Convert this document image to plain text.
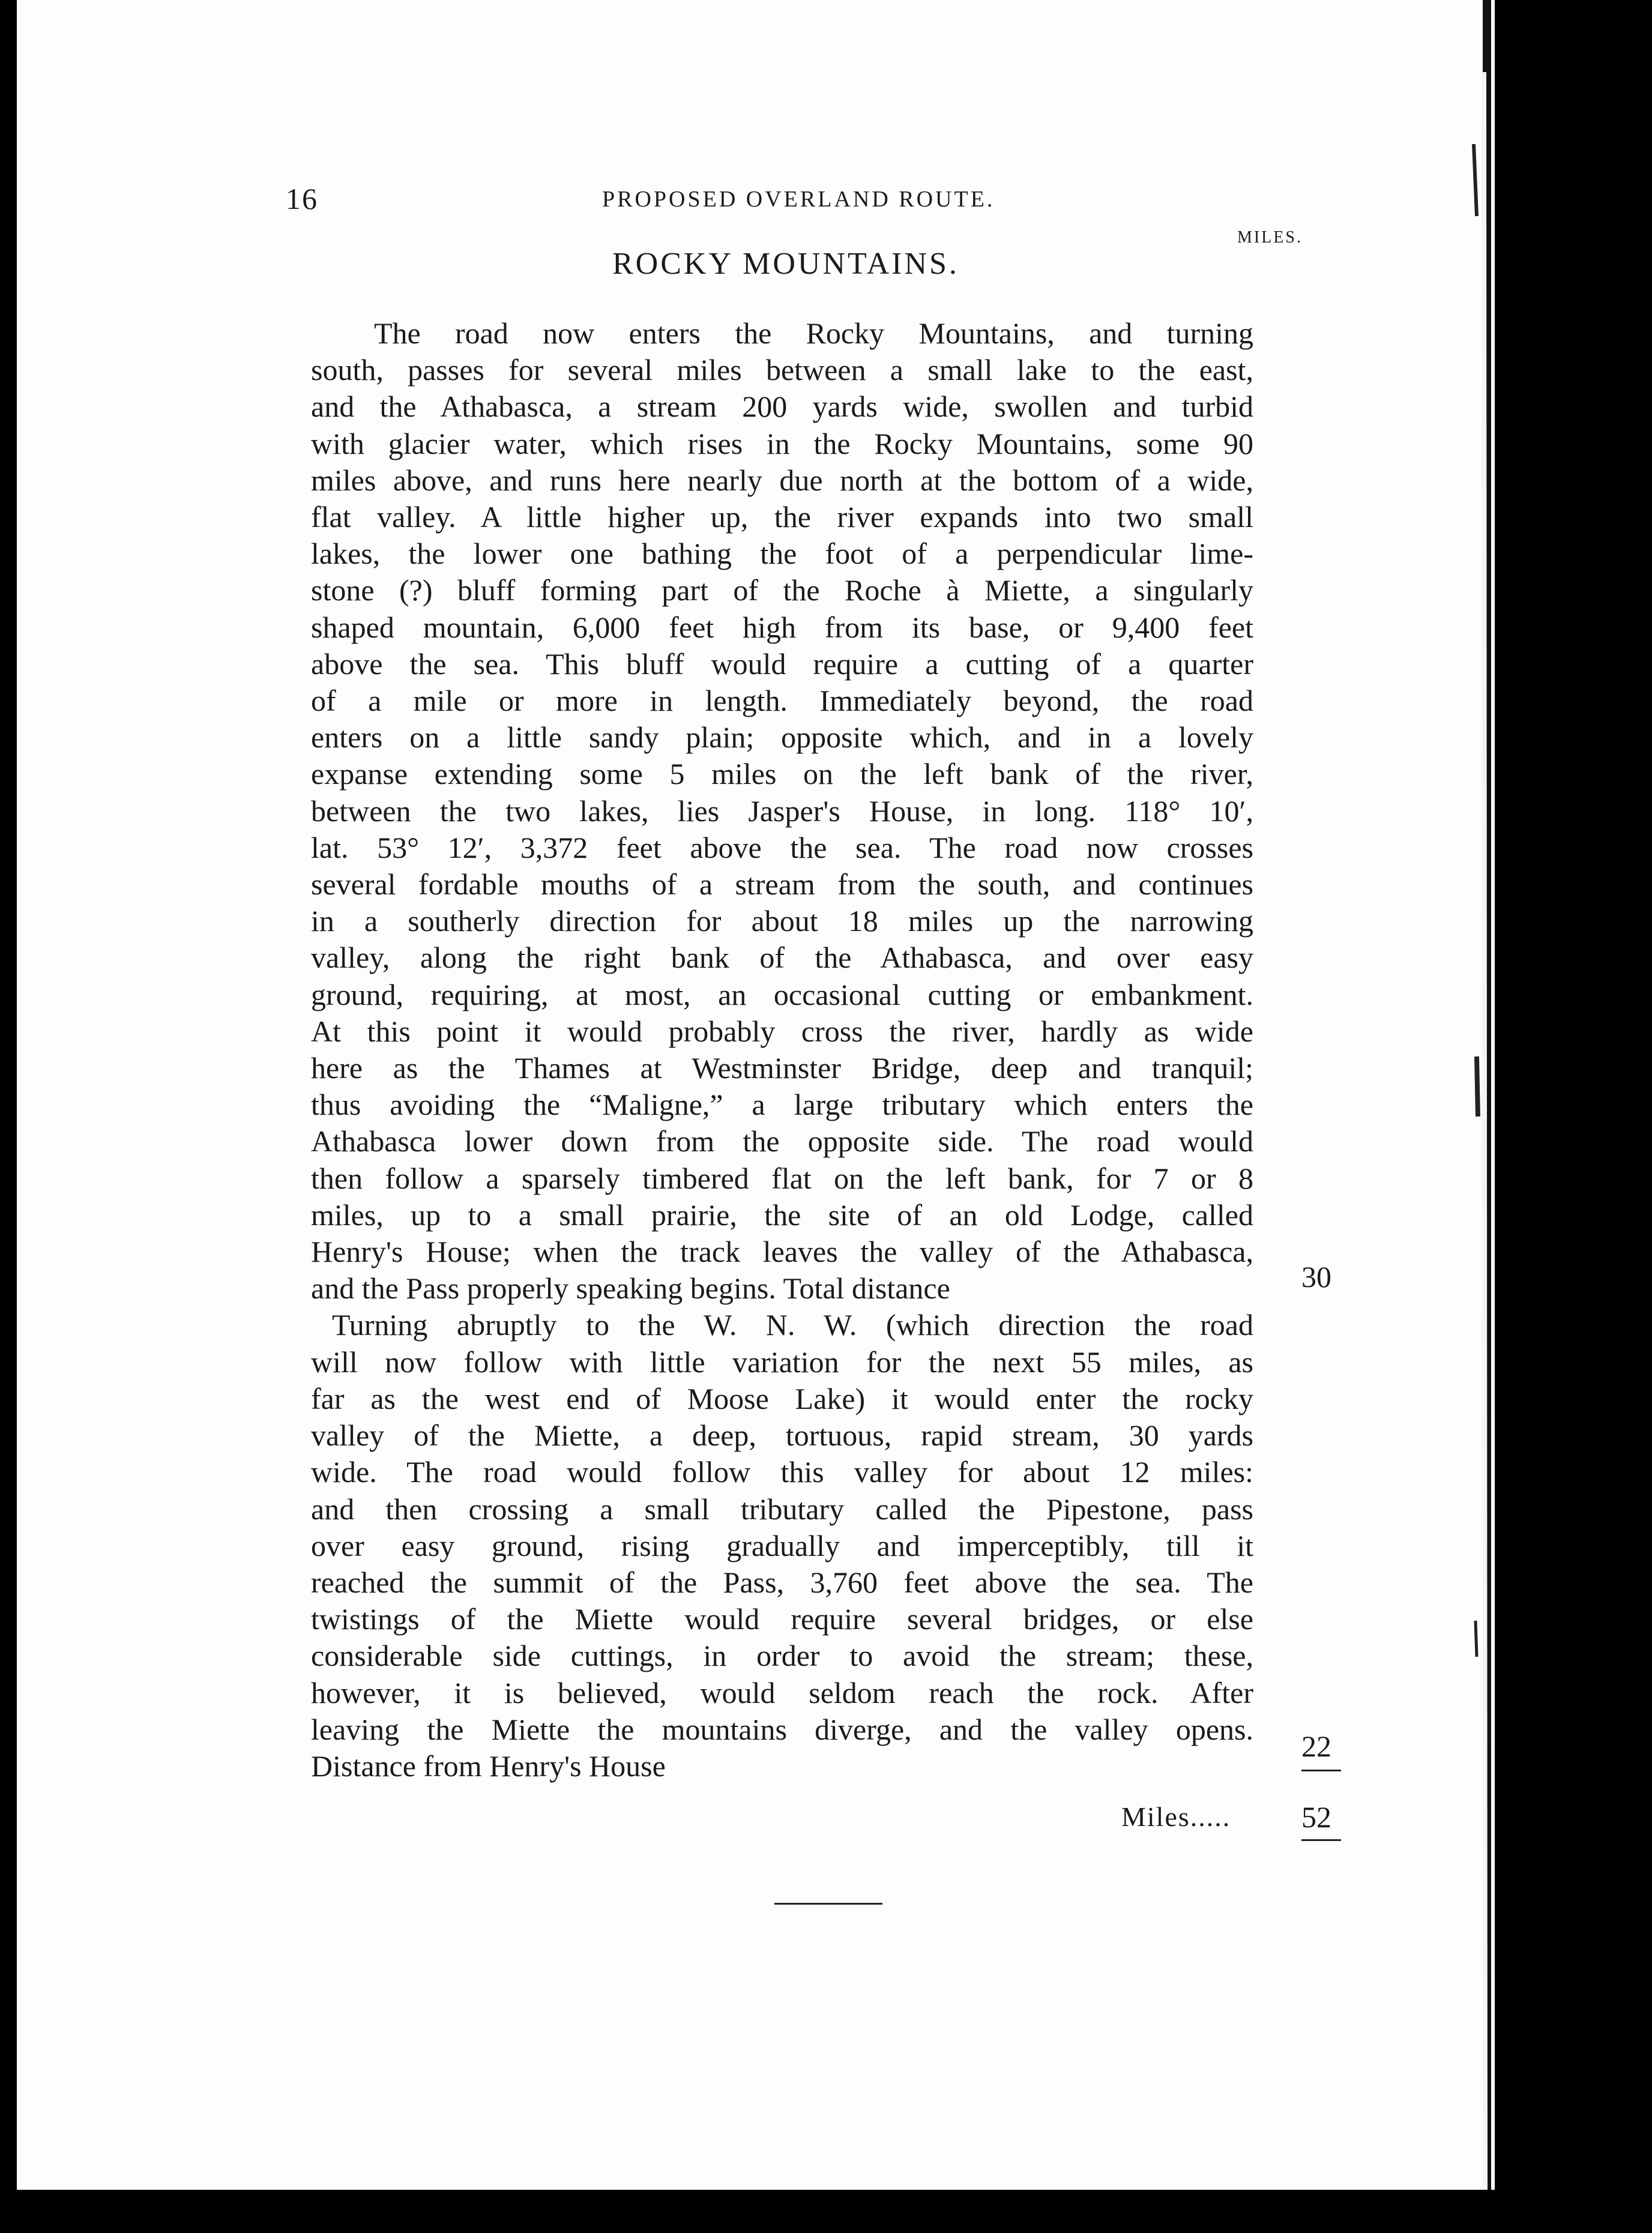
16	PROPOSED OVERLAND ROUTE.
MILES.
ROCKY MOUNTAINS.
The road now enters the Rocky Mountains, and turning
south, passes for several miles between a small lake to the east,
and the Athabasca, a stream 200 yards wide, swollen and turbid
with glacier water, which rises in the Rocky Mountains, some 90
miles above, and runs here nearly due north at the bottom of a wide,
flat valley. A little higher up, the river expands into two small
lakes, the lower one bathing the foot of a perpendicular lime-
stone (?) bluff forming part of the Roche à Miette, a singularly
shaped mountain, 6,000 feet high from its base, or 9,400 feet
above the sea. This bluff would require a cutting of a quarter
of a mile or more in length. Immediately beyond, the road
enters on a little sandy plain; opposite which, and in a lovely
expanse extending some 5 miles on the left bank of the river,
between the two lakes, lies Jasper's House, in long. 118° 10′,
lat. 53° 12′, 3,372 feet above the sea. The road now crosses
several fordable mouths of a stream from the south, and continues
in a southerly direction for about 18 miles up the narrowing
valley, along the right bank of the Athabasca, and over easy
ground, requiring, at most, an occasional cutting or embankment.
At this point it would probably cross the river, hardly as wide
here as the Thames at Westminster Bridge, deep and tranquil;
thus avoiding the “Maligne,” a large tributary which enters the
Athabasca lower down from the opposite side. The road would
then follow a sparsely timbered flat on the left bank, for 7 or 8
miles, up to a small prairie, the site of an old Lodge, called
Henry's House; when the track leaves the valley of the Athabasca,
and the Pass properly speaking begins. Total distance
Turning abruptly to the W. N. W. (which direction the road
will now follow with little variation for the next 55 miles, as
far as the west end of Moose Lake) it would enter the rocky
valley of the Miette, a deep, tortuous, rapid stream, 30 yards
wide. The road would follow this valley for about 12 miles:
and then crossing a small tributary called the Pipestone, pass
over easy ground, rising gradually and imperceptibly, till it
reached the summit of the Pass, 3,760 feet above the sea. The
twistings of the Miette would require several bridges, or else
considerable side cuttings, in order to avoid the stream; these,
however, it is believed, would seldom reach the rock. After
leaving the Miette the mountains diverge, and the valley opens.
Distance from Henry's House
30
22
Miles..... 52
